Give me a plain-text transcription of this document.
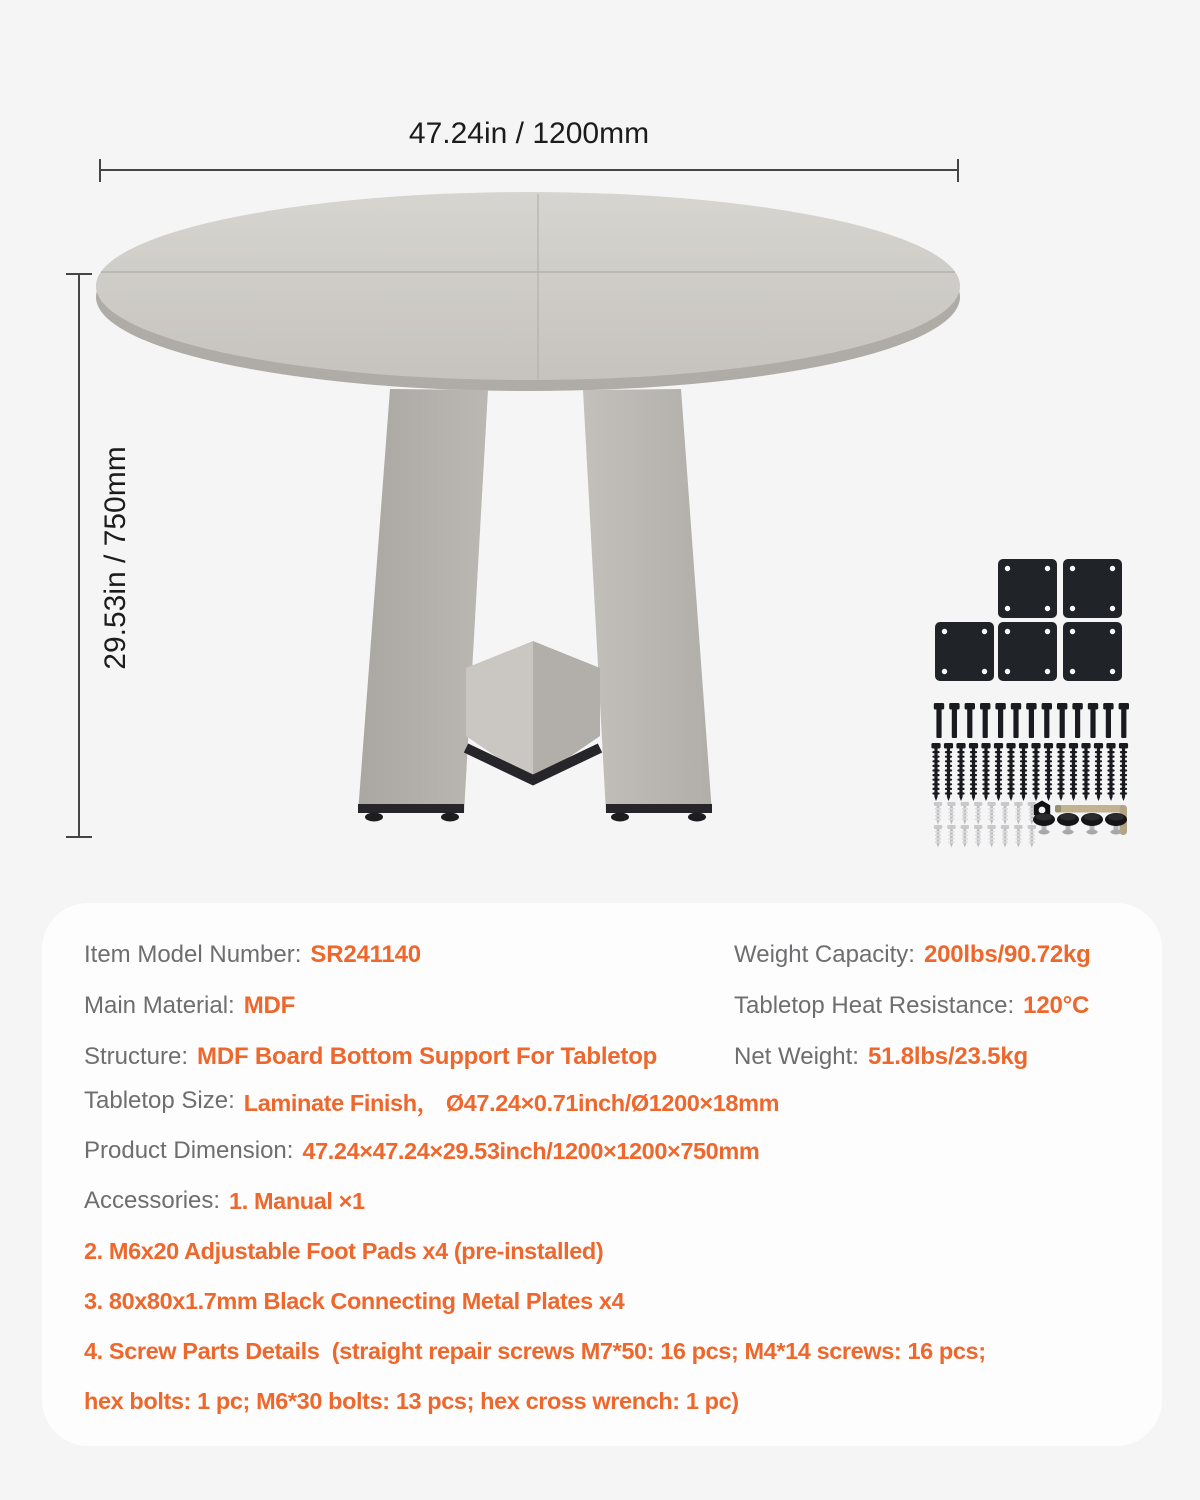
47.24in / 1200mm
29.53in / 750mm
Item Model Number: SR241140	Weight Capacity: 200lbs/90.72kg
Main Material: MDF	Tabletop Heat Resistance: 120°C
Structure: MDF Board Bottom Support For Tabletop	Net Weight: 51.8lbs/23.5kg
Tabletop Size: Laminate Finish， Ø47.24×0.71inch/Ø1200×18mm
Product Dimension: 47.24×47.24×29.53inch/1200×1200×750mm
Accessories: 1. Manual ×1
2. M6x20 Adjustable Foot Pads x4 (pre-installed)
3. 80x80x1.7mm Black Connecting Metal Plates x4
4. Screw Parts Details  (straight repair screws M7*50: 16 pcs; M4*14 screws: 16 pcs;
hex bolts: 1 pc; M6*30 bolts: 13 pcs; hex cross wrench: 1 pc)
